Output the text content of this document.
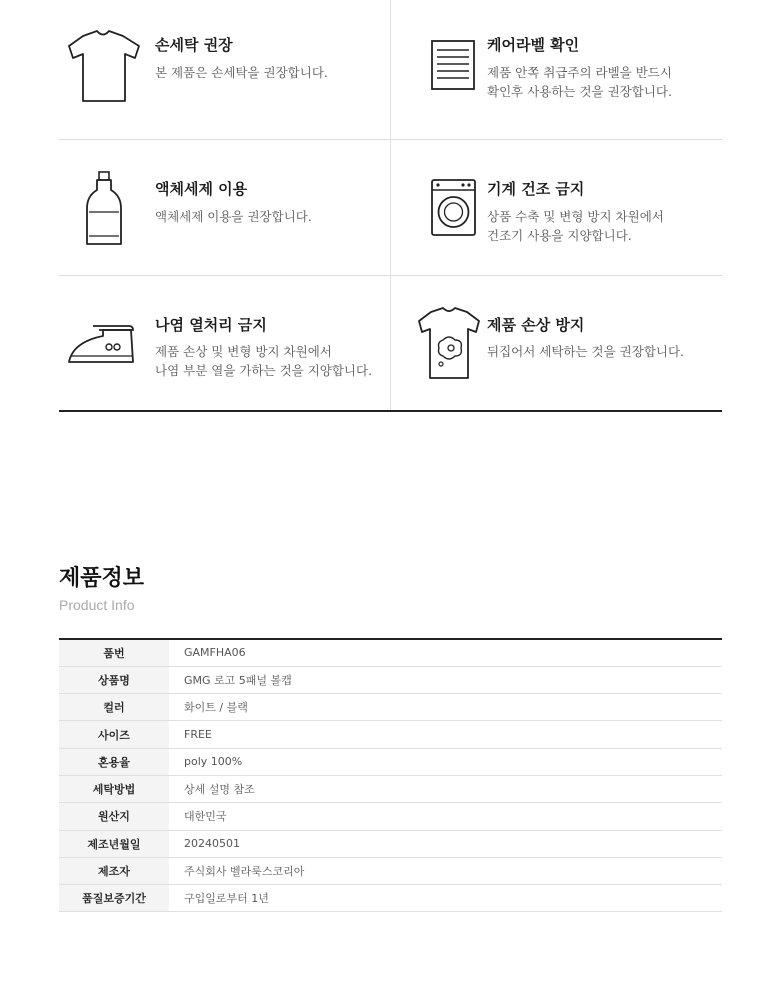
손세탁 권장
본 제품은 손세탁을 권장합니다.
케어라벨 확인
제품 안쪽 취급주의 라벨을 반드시
확인후 사용하는 것을 권장합니다.
액체세제 이용
액체세제 이용을 권장합니다.
기계 건조 금지
상품 수축 및 변형 방지 차원에서
건조기 사용을 지양합니다.
나염 열처리 금지
제품 손상 및 변형 방지 차원에서
나염 부분 열을 가하는 것을 지양합니다.
제품 손상 방지
뒤집어서 세탁하는 것을 권장합니다.
제품정보
Product Info
품번	GAMFHA06
상품명	GMG 로고 5패널 볼캡
컬러	화이트 / 블랙
사이즈	FREE
혼용율	poly 100%
세탁방법	상세 설명 참조
원산지	대한민국
제조년월일	20240501
제조자	주식회사 벨라룩스코리아
품질보증기간	구입일로부터 1년
